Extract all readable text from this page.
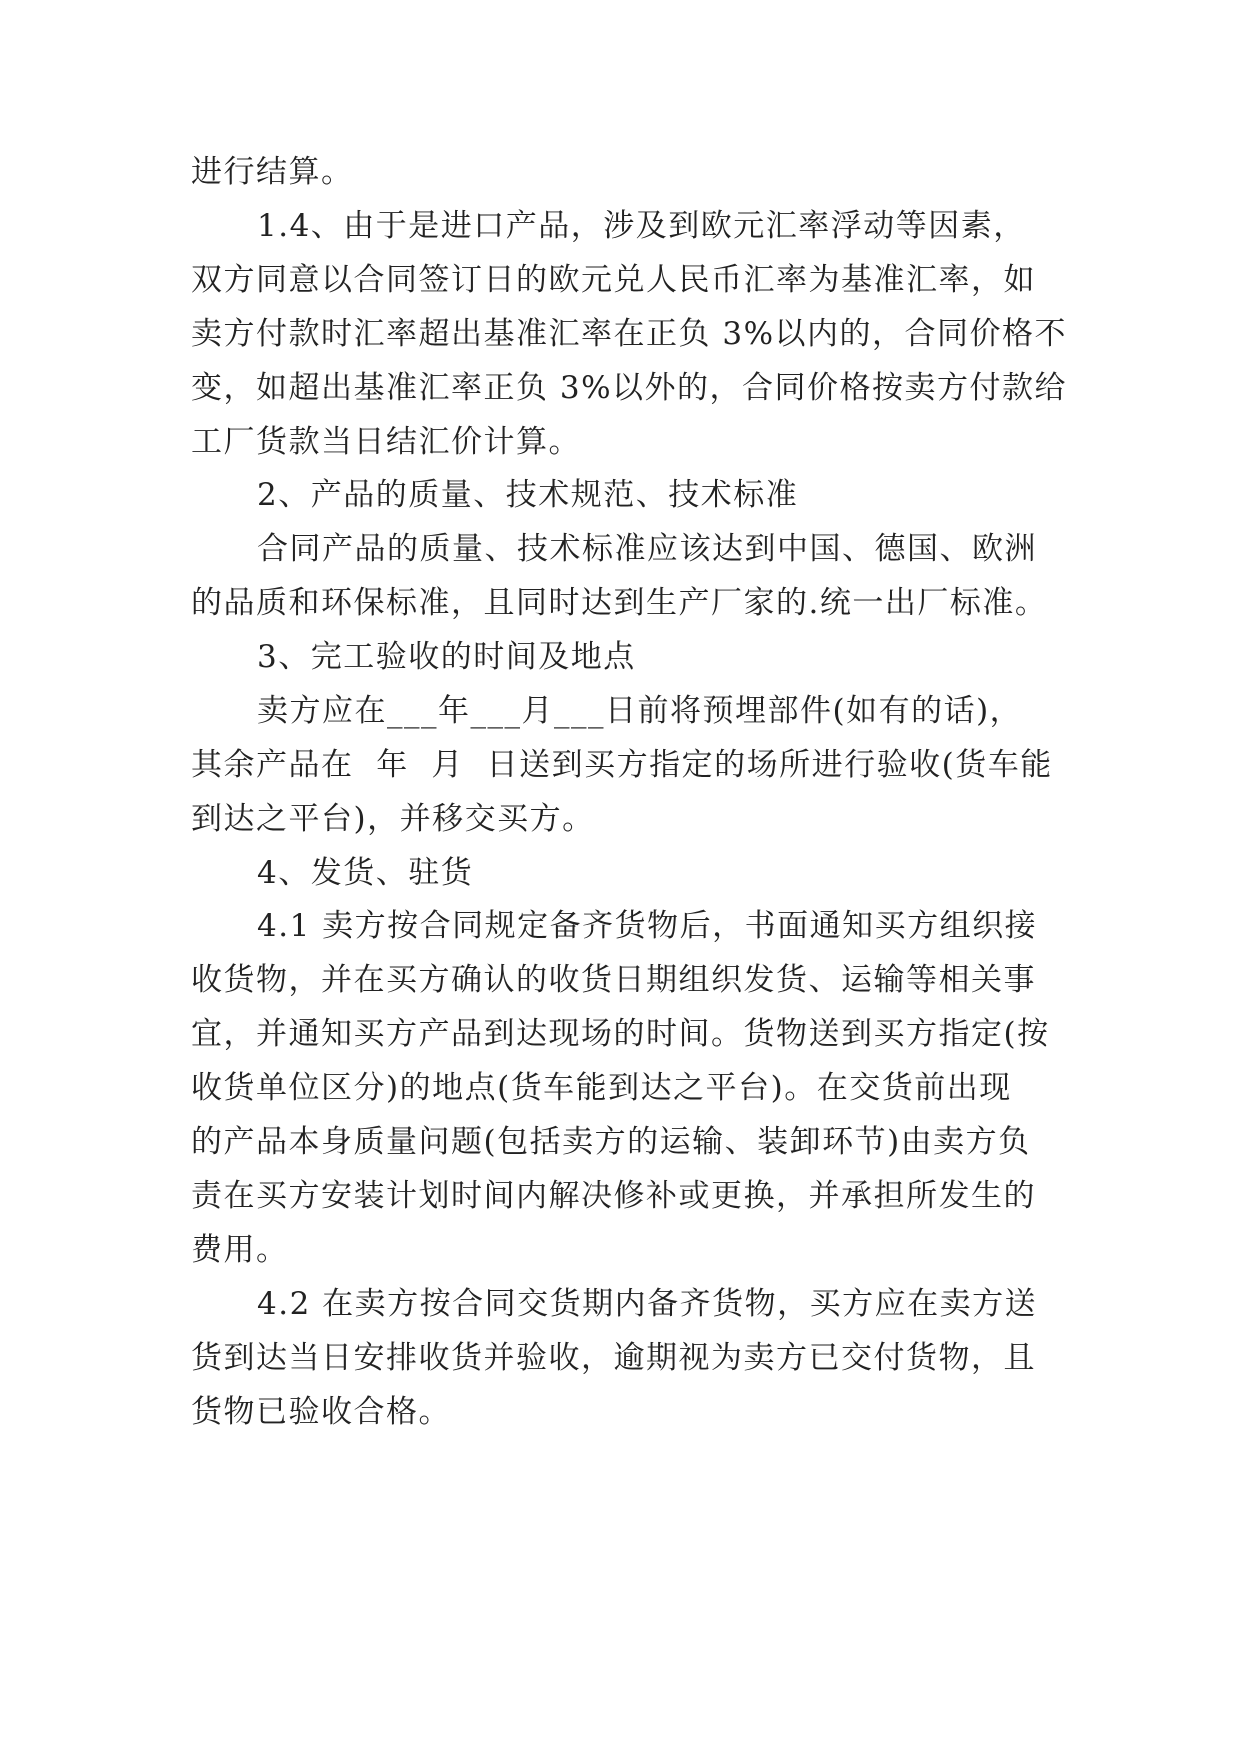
进行结算。
1.4、由于是进口产品，涉及到欧元汇率浮动等因素，
双方同意以合同签订日的欧元兑人民币汇率为基准汇率，如
卖方付款时汇率超出基准汇率在正负 3%以内的，合同价格不
变，如超出基准汇率正负 3%以外的，合同价格按卖方付款给
工厂货款当日结汇价计算。
2、产品的质量、技术规范、技术标准
合同产品的质量、技术标准应该达到中国、德国、欧洲
的品质和环保标准，且同时达到生产厂家的.统一出厂标准。
3、完工验收的时间及地点
卖方应在___年___月___日前将预埋部件(如有的话)，
其余产品在  年  月  日送到买方指定的场所进行验收(货车能
到达之平台)，并移交买方。
4、发货、驻货
4.1 卖方按合同规定备齐货物后，书面通知买方组织接
收货物，并在买方确认的收货日期组织发货、运输等相关事
宜，并通知买方产品到达现场的时间。货物送到买方指定(按
收货单位区分)的地点(货车能到达之平台)。在交货前出现
的产品本身质量问题(包括卖方的运输、装卸环节)由卖方负
责在买方安装计划时间内解决修补或更换，并承担所发生的
费用。
4.2 在卖方按合同交货期内备齐货物，买方应在卖方送
货到达当日安排收货并验收，逾期视为卖方已交付货物，且
货物已验收合格。
